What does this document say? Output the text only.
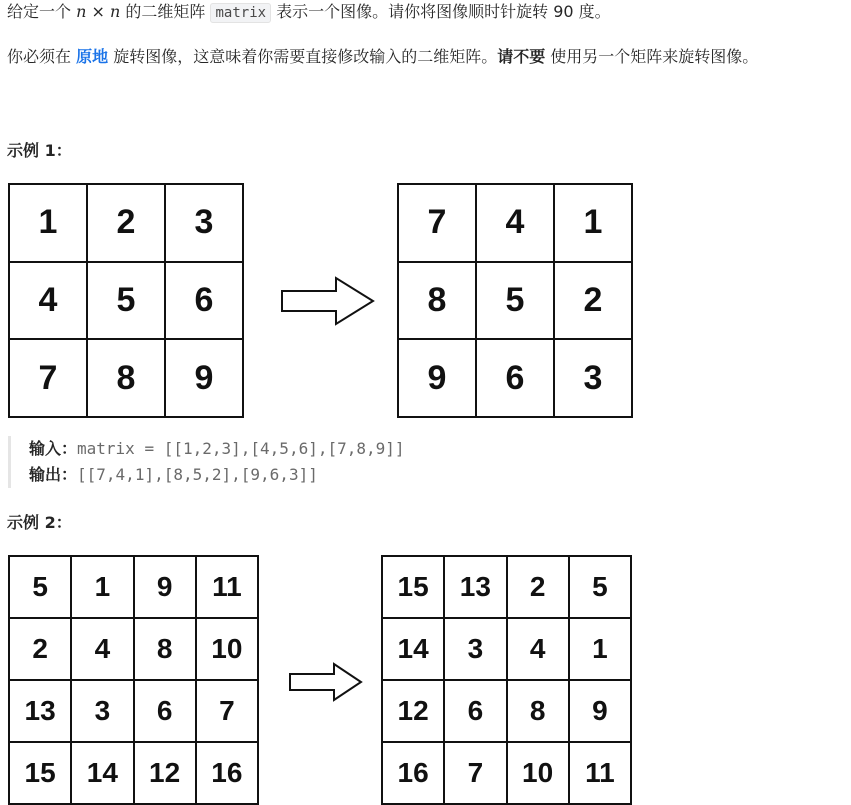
给定一个 n × n 的二维矩阵 matrix 表示一个图像。请你将图像顺时针旋转 90 度。
你必须在 原地 旋转图像，这意味着你需要直接修改输入的二维矩阵。请不要 使用另一个矩阵来旋转图像。
示例 1：
1	2	3
4	5	6
7	8	9
7	4	1
8	5	2
9	6	3
输入：matrix = [[1,2,3],[4,5,6],[7,8,9]]
输出：[[7,4,1],[8,5,2],[9,6,3]]
示例 2：
5	1	9	11
2	4	8	10
13	3	6	7
15	14	12	16
15	13	2	5
14	3	4	1
12	6	8	9
16	7	10	11
